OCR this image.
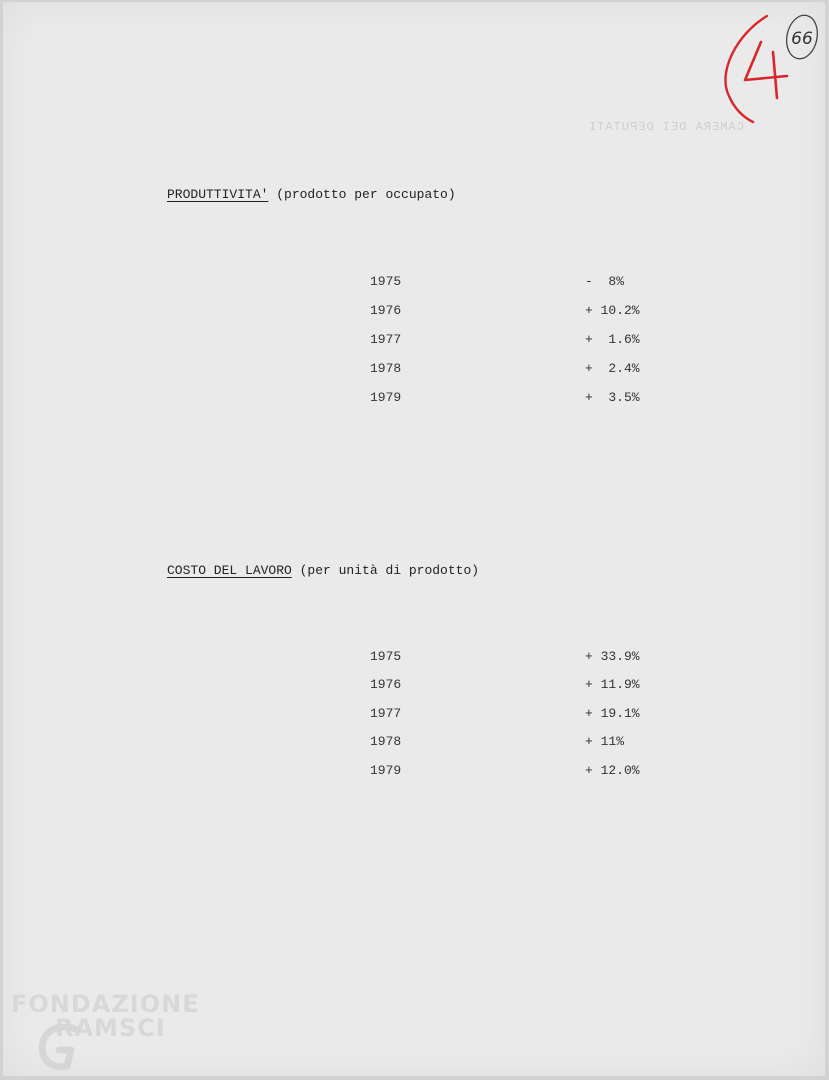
CAMERA DEI DEPUTATI
66
PRODUTTIVITA' (prodotto per occupato)
1975	-  8%
1976	+ 10.2%
1977	+  1.6%
1978	+  2.4%
1979	+  3.5%
COSTO DEL LAVORO (per unità di prodotto)
1975	+ 33.9%
1976	+ 11.9%
1977	+ 19.1%
1978	+ 11%
1979	+ 12.0%
FONDAZIONE
RAMSCI
